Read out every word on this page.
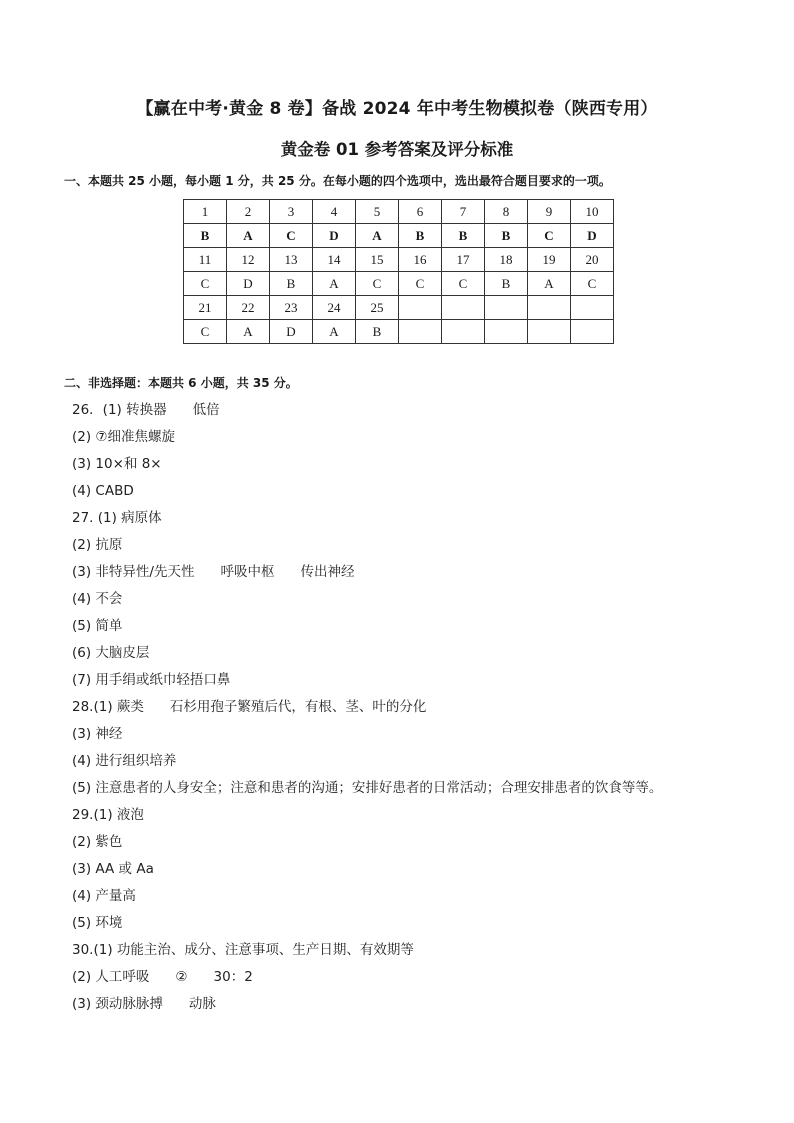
【赢在中考·黄金 8 卷】备战 2024 年中考生物模拟卷（陕西专用）
黄金卷 01 参考答案及评分标准
一、本题共 25 小题，每小题 1 分，共 25 分。在每小题的四个选项中，选出最符合题目要求的一项。
1	2	3	4	5	6	7	8	9	10
B	A	C	D	A	B	B	B	C	D
11	12	13	14	15	16	17	18	19	20
C	D	B	A	C	C	C	B	A	C
21	22	23	24	25					
C	A	D	A	B					
二、非选择题：本题共 6 小题，共 35 分。
26．(1) 转换器 低倍
(2) ⑦细准焦螺旋
(3) 10×和 8×
(4) CABD
27. (1) 病原体
(2) 抗原
(3) 非特异性/先天性 呼吸中枢 传出神经
(4) 不会
(5) 简单
(6) 大脑皮层
(7) 用手绢或纸巾轻捂口鼻
28.(1) 蕨类 石杉用孢子繁殖后代，有根、茎、叶的分化
(3) 神经
(4) 进行组织培养
(5) 注意患者的人身安全；注意和患者的沟通；安排好患者的日常活动；合理安排患者的饮食等等。
29.(1) 液泡
(2) 紫色
(3) AA 或 Aa
(4) 产量高
(5) 环境
30.(1) 功能主治、成分、注意事项、生产日期、有效期等
(2) 人工呼吸 ② 30：2
(3) 颈动脉脉搏 动脉
